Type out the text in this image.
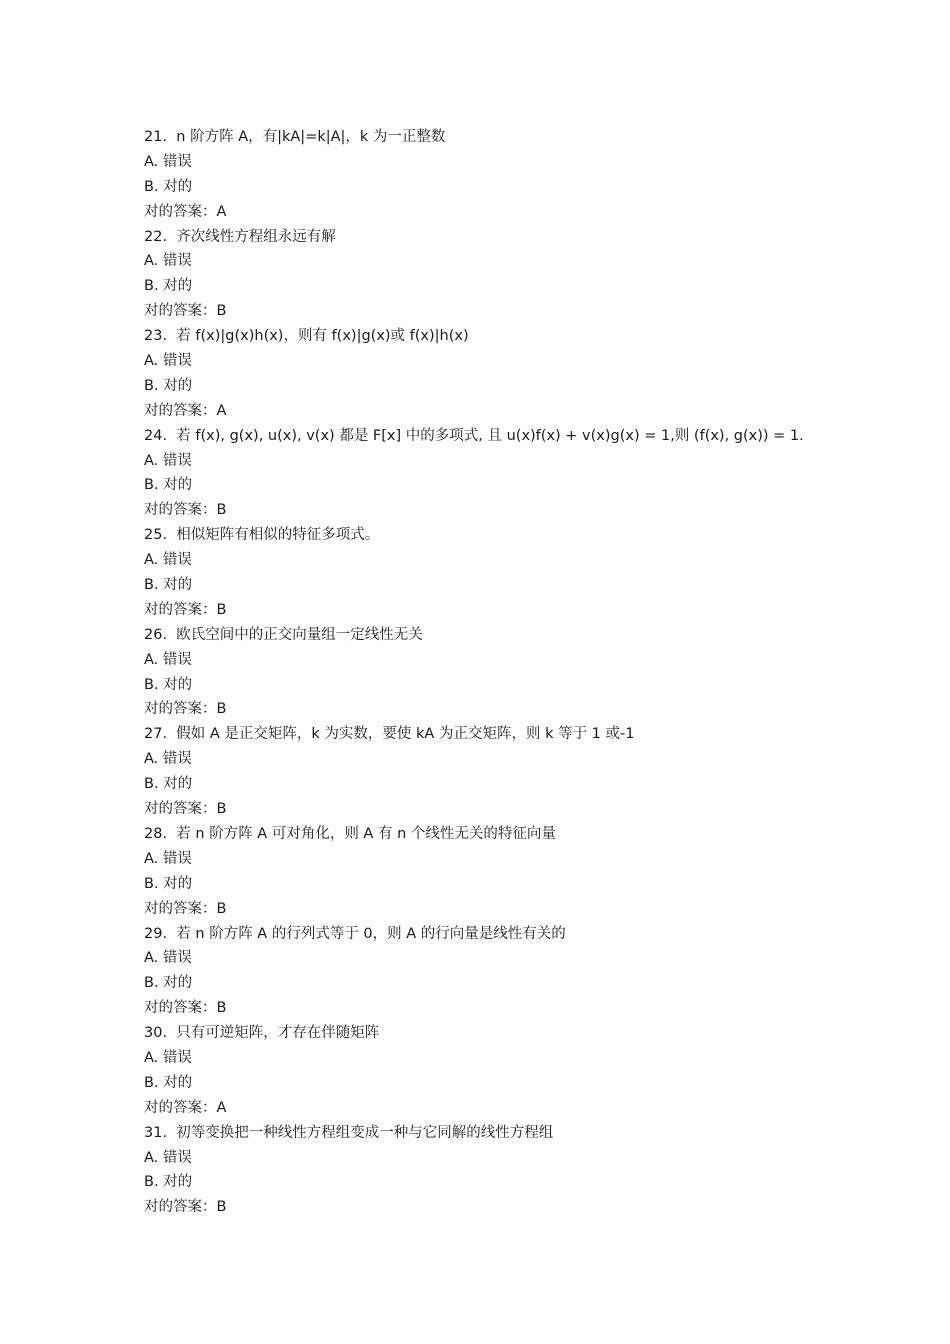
21. n 阶方阵 A，有|kA|=k|A|，k 为一正整数
A. 错误
B. 对的
对的答案：A
22. 齐次线性方程组永远有解
A. 错误
B. 对的
对的答案：B
23. 若 f(x)|g(x)h(x)，则有 f(x)|g(x)或 f(x)|h(x)
A. 错误
B. 对的
对的答案：A
24. 若 f(x), g(x), u(x), v(x) 都是 F[x] 中的多项式, 且 u(x)f(x) + v(x)g(x) = 1,则 (f(x), g(x)) = 1.
A. 错误
B. 对的
对的答案：B
25. 相似矩阵有相似的特征多项式。
A. 错误
B. 对的
对的答案：B
26. 欧氏空间中的正交向量组一定线性无关
A. 错误
B. 对的
对的答案：B
27. 假如 A 是正交矩阵，k 为实数，要使 kA 为正交矩阵，则 k 等于 1 或-1
A. 错误
B. 对的
对的答案：B
28. 若 n 阶方阵 A 可对角化，则 A 有 n 个线性无关的特征向量
A. 错误
B. 对的
对的答案：B
29. 若 n 阶方阵 A 的行列式等于 0，则 A 的行向量是线性有关的
A. 错误
B. 对的
对的答案：B
30. 只有可逆矩阵，才存在伴随矩阵
A. 错误
B. 对的
对的答案：A
31. 初等变换把一种线性方程组变成一种与它同解的线性方程组
A. 错误
B. 对的
对的答案：B
